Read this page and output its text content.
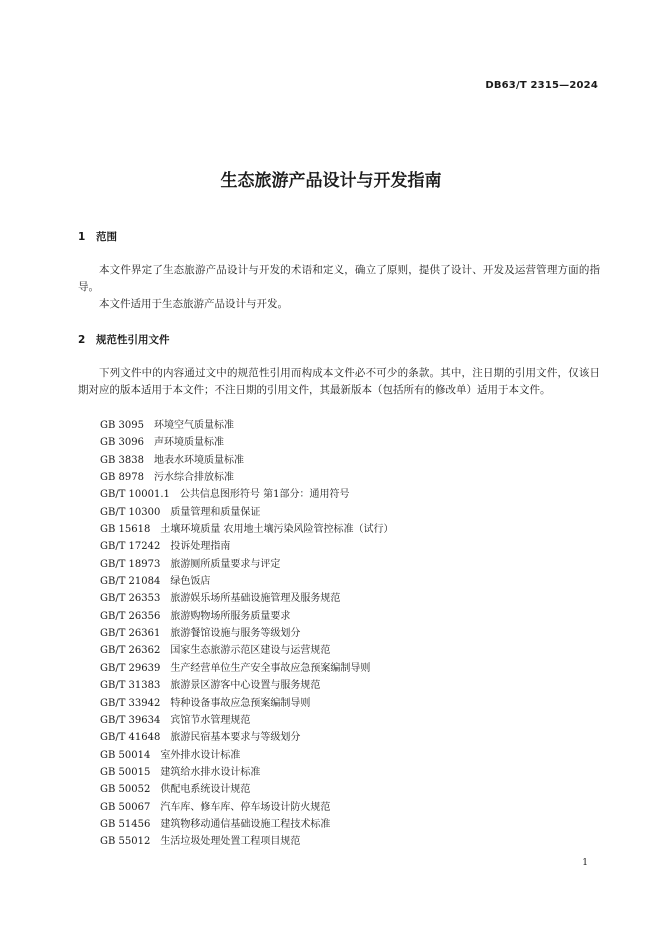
DB63/T 2315—2024
生态旅游产品设计与开发指南
1 范围

本文件界定了生态旅游产品设计与开发的术语和定义，确立了原则，提供了设计、开发及运营管理方面的指导。

本文件适用于生态旅游产品设计与开发。

2 规范性引用文件

下列文件中的内容通过文中的规范性引用而构成本文件必不可少的条款。其中，注日期的引用文件，仅该日期对应的版本适用于本文件；不注日期的引用文件，其最新版本（包括所有的修改单）适用于本文件。

GB 3095 环境空气质量标准
GB 3096 声环境质量标准
GB 3838 地表水环境质量标准
GB 8978 污水综合排放标准
GB/T 10001.1 公共信息图形符号 第1部分：通用符号
GB/T 10300 质量管理和质量保证
GB 15618 土壤环境质量 农用地土壤污染风险管控标准（试行）
GB/T 17242 投诉处理指南
GB/T 18973 旅游厕所质量要求与评定
GB/T 21084 绿色饭店
GB/T 26353 旅游娱乐场所基础设施管理及服务规范
GB/T 26356 旅游购物场所服务质量要求
GB/T 26361 旅游餐馆设施与服务等级划分
GB/T 26362 国家生态旅游示范区建设与运营规范
GB/T 29639 生产经营单位生产安全事故应急预案编制导则
GB/T 31383 旅游景区游客中心设置与服务规范
GB/T 33942 特种设备事故应急预案编制导则
GB/T 39634 宾馆节水管理规范
GB/T 41648 旅游民宿基本要求与等级划分
GB 50014 室外排水设计标准
GB 50015 建筑给水排水设计标准
GB 50052 供配电系统设计规范
GB 50067 汽车库、修车库、停车场设计防火规范
GB 51456 建筑物移动通信基础设施工程技术标准
GB 55012 生活垃圾处理处置工程项目规范
1
